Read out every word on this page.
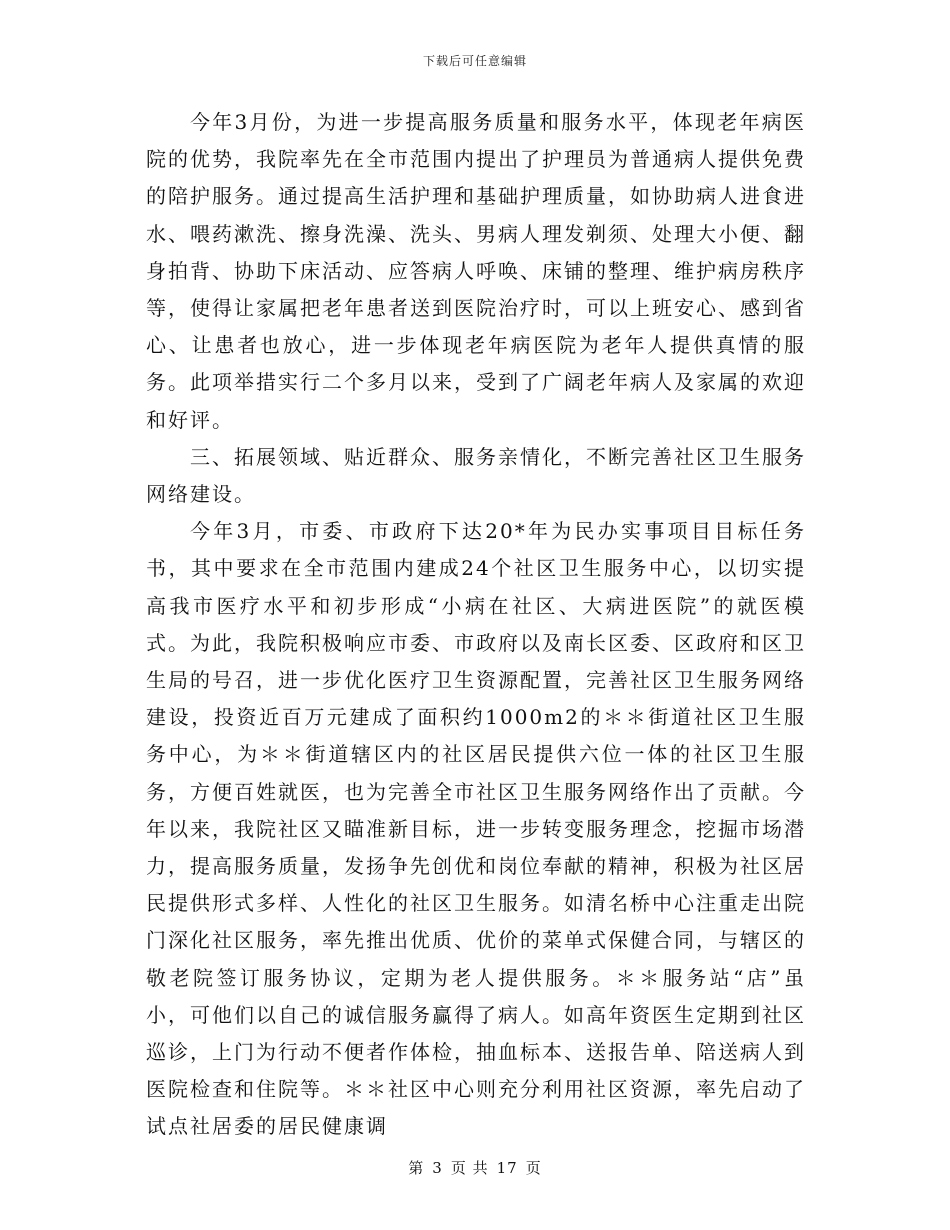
下载后可任意编辑

今年3月份，为进一步提高服务质量和服务水平，体现老年病医院的优势，我院率先在全市范围内提出了护理员为普通病人提供免费的陪护服务。通过提高生活护理和基础护理质量，如协助病人进食进水、喂药漱洗、擦身洗澡、洗头、男病人理发剃须、处理大小便、翻身拍背、协助下床活动、应答病人呼唤、床铺的整理、维护病房秩序等，使得让家属把老年患者送到医院治疗时，可以上班安心、感到省心、让患者也放心，进一步体现老年病医院为老年人提供真情的服务。此项举措实行二个多月以来，受到了广阔老年病人及家属的欢迎和好评。

三、拓展领域、贴近群众、服务亲情化，不断完善社区卫生服务网络建设。

今年3月，市委、市政府下达20*年为民办实事项目目标任务书，其中要求在全市范围内建成24个社区卫生服务中心，以切实提高我市医疗水平和初步形成“小病在社区、大病进医院”的就医模式。为此，我院积极响应市委、市政府以及南长区委、区政府和区卫生局的号召，进一步优化医疗卫生资源配置，完善社区卫生服务网络建设，投资近百万元建成了面积约1000m2的＊＊街道社区卫生服务中心，为＊＊街道辖区内的社区居民提供六位一体的社区卫生服务，方便百姓就医，也为完善全市社区卫生服务网络作出了贡献。今年以来，我院社区又瞄准新目标，进一步转变服务理念，挖掘市场潜力，提高服务质量，发扬争先创优和岗位奉献的精神，积极为社区居民提供形式多样、人性化的社区卫生服务。如清名桥中心注重走出院门深化社区服务，率先推出优质、优价的菜单式保健合同，与辖区的敬老院签订服务协议，定期为老人提供服务。＊＊服务站“店”虽小，可他们以自己的诚信服务赢得了病人。如高年资医生定期到社区巡诊，上门为行动不便者作体检，抽血标本、送报告单、陪送病人到医院检查和住院等。＊＊社区中心则充分利用社区资源，率先启动了试点社居委的居民健康调

第 3 页 共 17 页
